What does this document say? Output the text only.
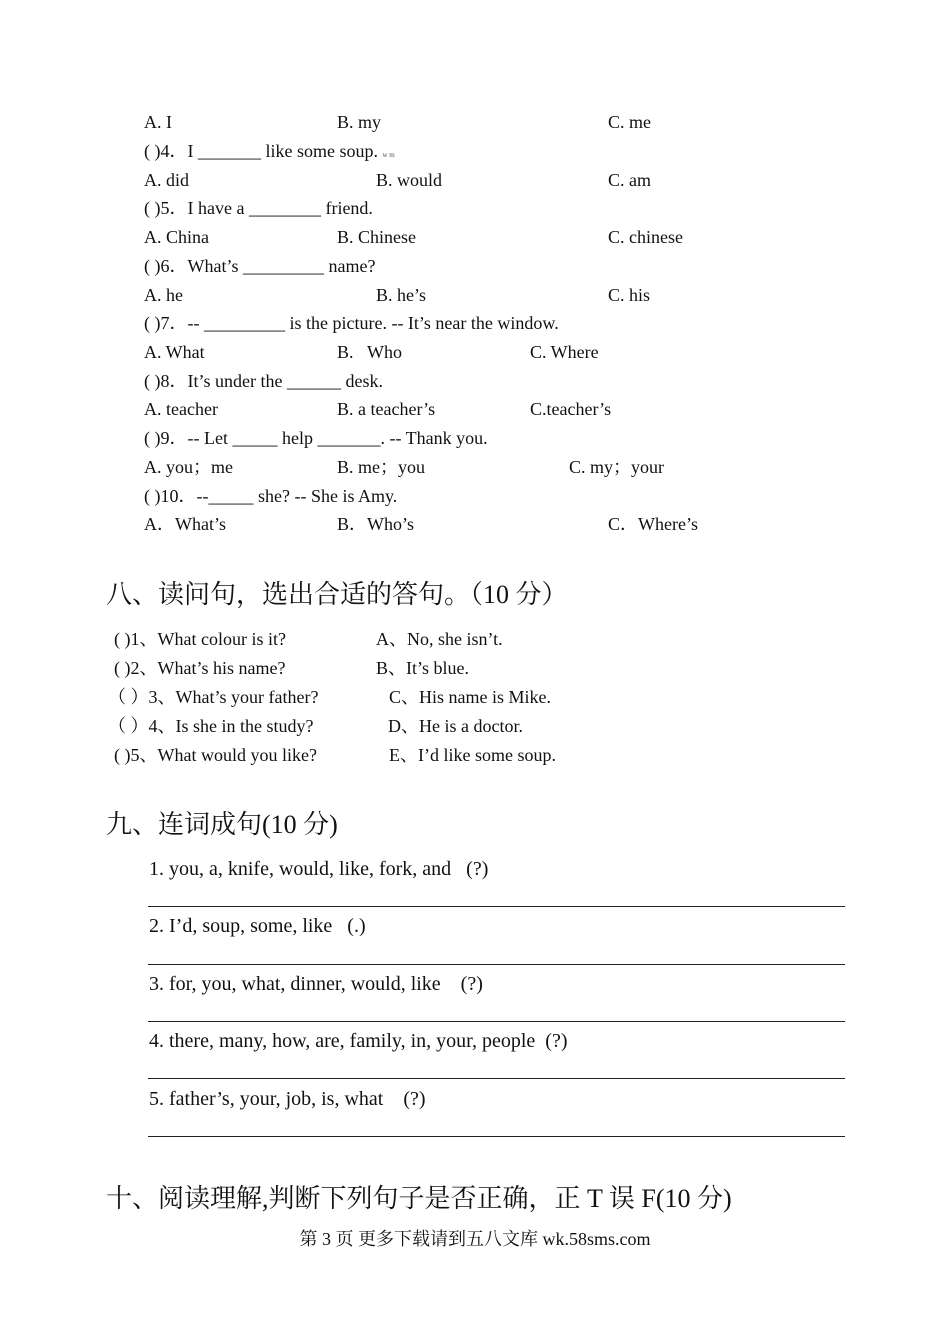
A. I	B. my	C. me
( )4．I _______ like some soup. w m
A. did	B. would	C. am
( )5．I have a ________ friend.
A. China	B. Chinese	C. chinese
( )6．What’s _________ name?
A. he	B. he’s	C. his
( )7．-- _________ is the picture. -- It’s near the window.
A. What	B.   Who	C. Where
( )8．It’s under the ______ desk.
A. teacher	B. a teacher’s	C.teacher’s
( )9．-- Let _____ help _______. -- Thank you.
A. you；me	B. me；you	C. my；your
( )10．--_____ she? -- She is Amy.
A．What’s	B．Who’s	C．Where’s
八、读问句，选出合适的答句。（10 分）
( )1、What colour is it?	A、No, she isn’t.
( )2、What’s his name?	B、It’s blue.
（ ）3、What’s your father?	C、His name is Mike.
（ ）4、Is she in the study?	D、He is a doctor.
( )5、What would you like?	E、I’d like some soup.
九、连词成句(10 分)
1. you, a, knife, would, like, fork, and   (?)
2. I’d, soup, some, like   (.)
3. for, you, what, dinner, would, like    (?)
4. there, many, how, are, family, in, your, people  (?)
5. father’s, your, job, is, what    (?)
十、阅读理解,判断下列句子是否正确，正 T 误 F(10 分)
第 3 页 更多下载请到五八文库 wk.58sms.com
